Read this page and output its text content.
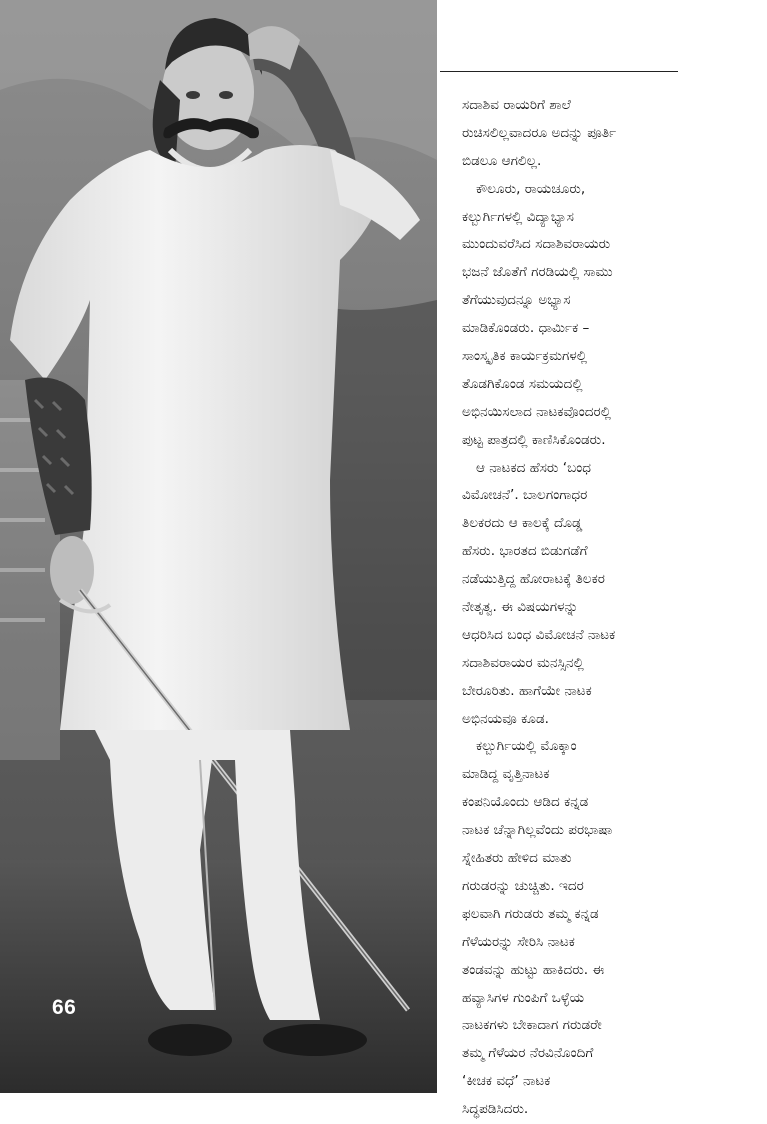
66
ಸದಾಶಿವ ರಾಯರಿಗೆ ಶಾಲೆ
ರುಚಿಸಲಿಲ್ಲವಾದರೂ ಅದನ್ನು ಪೂರ್ತಿ
ಬಿಡಲೂ ಆಗಲಿಲ್ಲ.
ಕೌಲೂರು, ರಾಯಚೂರು,
ಕಲ್ಬುರ್ಗಿಗಳಲ್ಲಿ ವಿದ್ಯಾಭ್ಯಾಸ
ಮುಂದುವರೆಸಿದ ಸದಾಶಿವರಾಯರು
ಭಜನೆ ಜೊತೆಗೆ ಗರಡಿಯಲ್ಲಿ ಸಾಮು
ತೆಗೆಯುವುದನ್ನೂ ಅಭ್ಯಾಸ
ಮಾಡಿಕೊಂಡರು. ಧಾರ್ಮಿಕ –
ಸಾಂಸ್ಕೃತಿಕ ಕಾರ್ಯಕ್ರಮಗಳಲ್ಲಿ
ತೊಡಗಿಕೊಂಡ ಸಮಯದಲ್ಲಿ
ಅಭಿನಯಿಸಲಾದ ನಾಟಕವೊಂದರಲ್ಲಿ
ಪುಟ್ಟ ಪಾತ್ರದಲ್ಲಿ ಕಾಣಿಸಿಕೊಂಡರು.
ಆ ನಾಟಕದ ಹೆಸರು ‘ಬಂಧ
ವಿಮೋಚನೆ’. ಬಾಲಗಂಗಾಧರ
ತಿಲಕರದು ಆ ಕಾಲಕ್ಕೆ ದೊಡ್ಡ
ಹೆಸರು. ಭಾರತದ ಬಿಡುಗಡೆಗೆ
ನಡೆಯುತ್ತಿದ್ದ ಹೋರಾಟಕ್ಕೆ ತಿಲಕರ
ನೇತೃತ್ವ. ಈ ವಿಷಯಗಳನ್ನು
ಆಧರಿಸಿದ ಬಂಧ ವಿಮೋಚನೆ ನಾಟಕ
ಸದಾಶಿವರಾಯರ ಮನಸ್ಸಿನಲ್ಲಿ
ಬೇರೂರಿತು. ಹಾಗೆಯೇ ನಾಟಕ
ಅಭಿನಯವೂ ಕೂಡ.
ಕಲ್ಬುರ್ಗಿಯಲ್ಲಿ ಮೊಕ್ಕಾಂ
ಮಾಡಿದ್ದ ವೃತ್ತಿನಾಟಕ
ಕಂಪನಿಯೊಂದು ಆಡಿದ ಕನ್ನಡ
ನಾಟಕ ಚೆನ್ನಾಗಿಲ್ಲವೆಂದು ಪರಭಾಷಾ
ಸ್ನೇಹಿತರು ಹೇಳಿದ ಮಾತು
ಗರುಡರನ್ನು ಚುಚ್ಚಿತು. ಇದರ
ಫಲವಾಗಿ ಗರುಡರು ತಮ್ಮ ಕನ್ನಡ
ಗೆಳೆಯರನ್ನು ಸೇರಿಸಿ ನಾಟಕ
ತಂಡವನ್ನು ಹುಟ್ಟು ಹಾಕಿದರು. ಈ
ಹವ್ಯಾಸಿಗಳ ಗುಂಪಿಗೆ ಒಳ್ಳೆಯ
ನಾಟಕಗಳು ಬೇಕಾದಾಗ ಗರುಡರೇ
ತಮ್ಮ ಗೆಳೆಯರ ನೆರವಿನೊಂದಿಗೆ
‘ಕೀಚಕ ವಧೆ’ ನಾಟಕ
ಸಿದ್ಧಪಡಿಸಿದರು.
